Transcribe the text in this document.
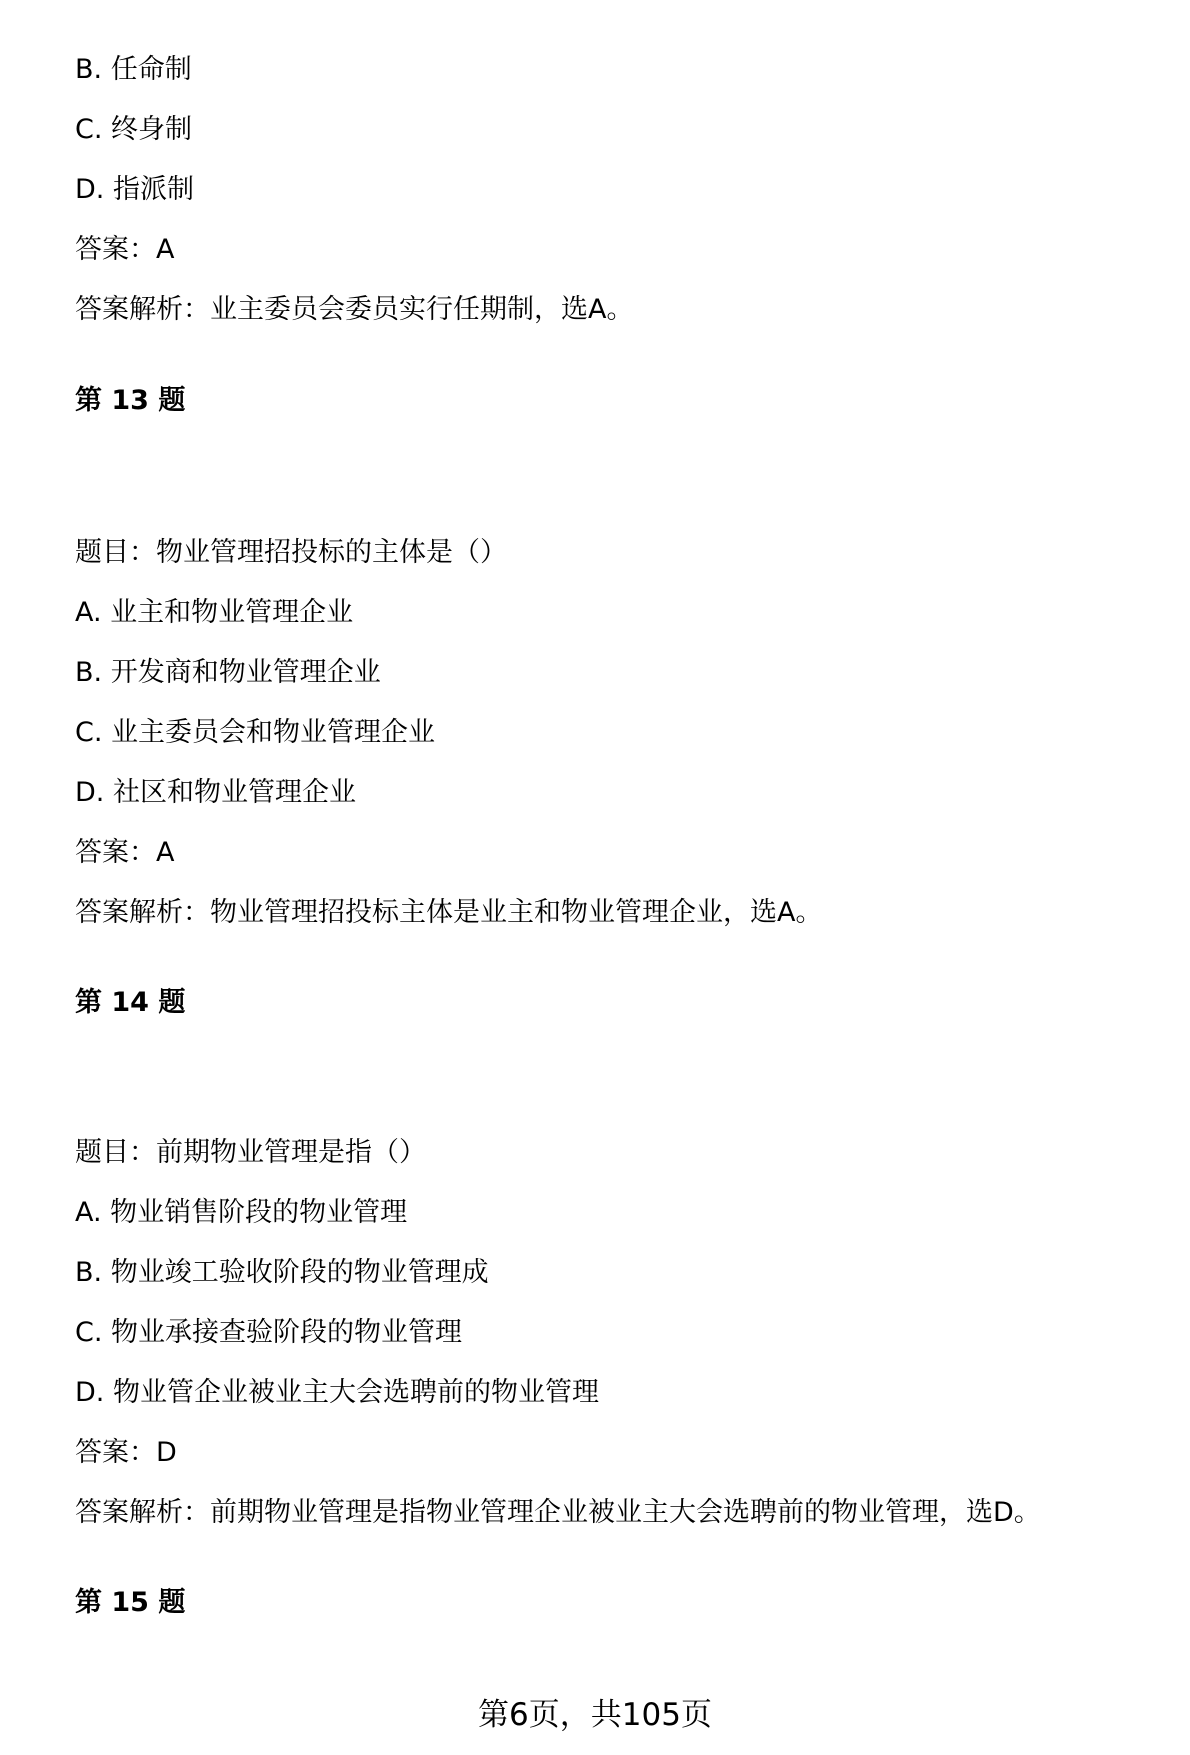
B. 任命制
C. 终身制
D. 指派制
答案：A
答案解析：业主委员会委员实行任期制，选A。
第 13 题
题目：物业管理招投标的主体是（）
A. 业主和物业管理企业
B. 开发商和物业管理企业
C. 业主委员会和物业管理企业
D. 社区和物业管理企业
答案：A
答案解析：物业管理招投标主体是业主和物业管理企业，选A。
第 14 题
题目：前期物业管理是指（）
A. 物业销售阶段的物业管理
B. 物业竣工验收阶段的物业管理成
C. 物业承接查验阶段的物业管理
D. 物业管企业被业主大会选聘前的物业管理
答案：D
答案解析：前期物业管理是指物业管理企业被业主大会选聘前的物业管理，选D。
第 15 题
第6页，共105页
